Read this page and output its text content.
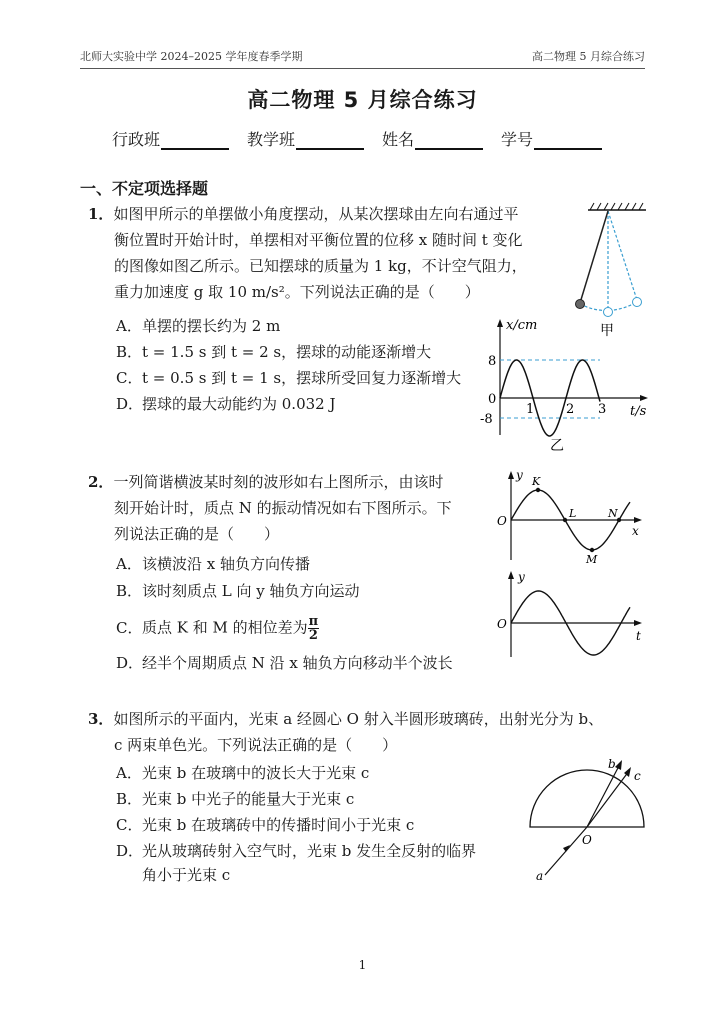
北师大实验中学 2024–2025 学年度春季学期	高二物理 5 月综合练习
高二物理 5 月综合练习
行政班	教学班	姓名	学号
一、不定项选择题
1．如图甲所示的单摆做小角度摆动，从某次摆球由左向右通过平
衡位置时开始计时，单摆相对平衡位置的位移 x 随时间 t 变化
的图像如图乙所示。已知摆球的质量为 1 kg，不计空气阻力，
重力加速度 g 取 10 m/s²。下列说法正确的是（　　）
A．单摆的摆长约为 2 m
B．t = 1.5 s 到 t = 2 s，摆球的动能逐渐增大
C．t = 0.5 s 到 t = 1 s，摆球所受回复力逐渐增大
D．摆球的最大动能约为 0.032 J
甲
x/cm
t/s
8
0
-8
1 2 3
乙
2．一列简谐横波某时刻的波形如右上图所示，由该时
刻开始计时，质点 N 的振动情况如右下图所示。下
列说法正确的是（　　）
A．该横波沿 x 轴负方向传播
B．该时刻质点 L 向 y 轴负方向运动
C．质点 K 和 M 的相位差为 $\frac{\pi}{2}$
D．经半个周期质点 N 沿 x 轴负方向移动半个波长
y
x
O
K
L
M
N
y
t
O
3．如图所示的平面内，光束 a 经圆心 O 射入半圆形玻璃砖，出射光分为 b、
c 两束单色光。下列说法正确的是（　　）
A．光束 b 在玻璃中的波长大于光束 c
B．光束 b 中光子的能量大于光束 c
C．光束 b 在玻璃砖中的传播时间小于光束 c
D．光从玻璃砖射入空气时，光束 b 发生全反射的临界
角小于光束 c
O
a
b
c
1
